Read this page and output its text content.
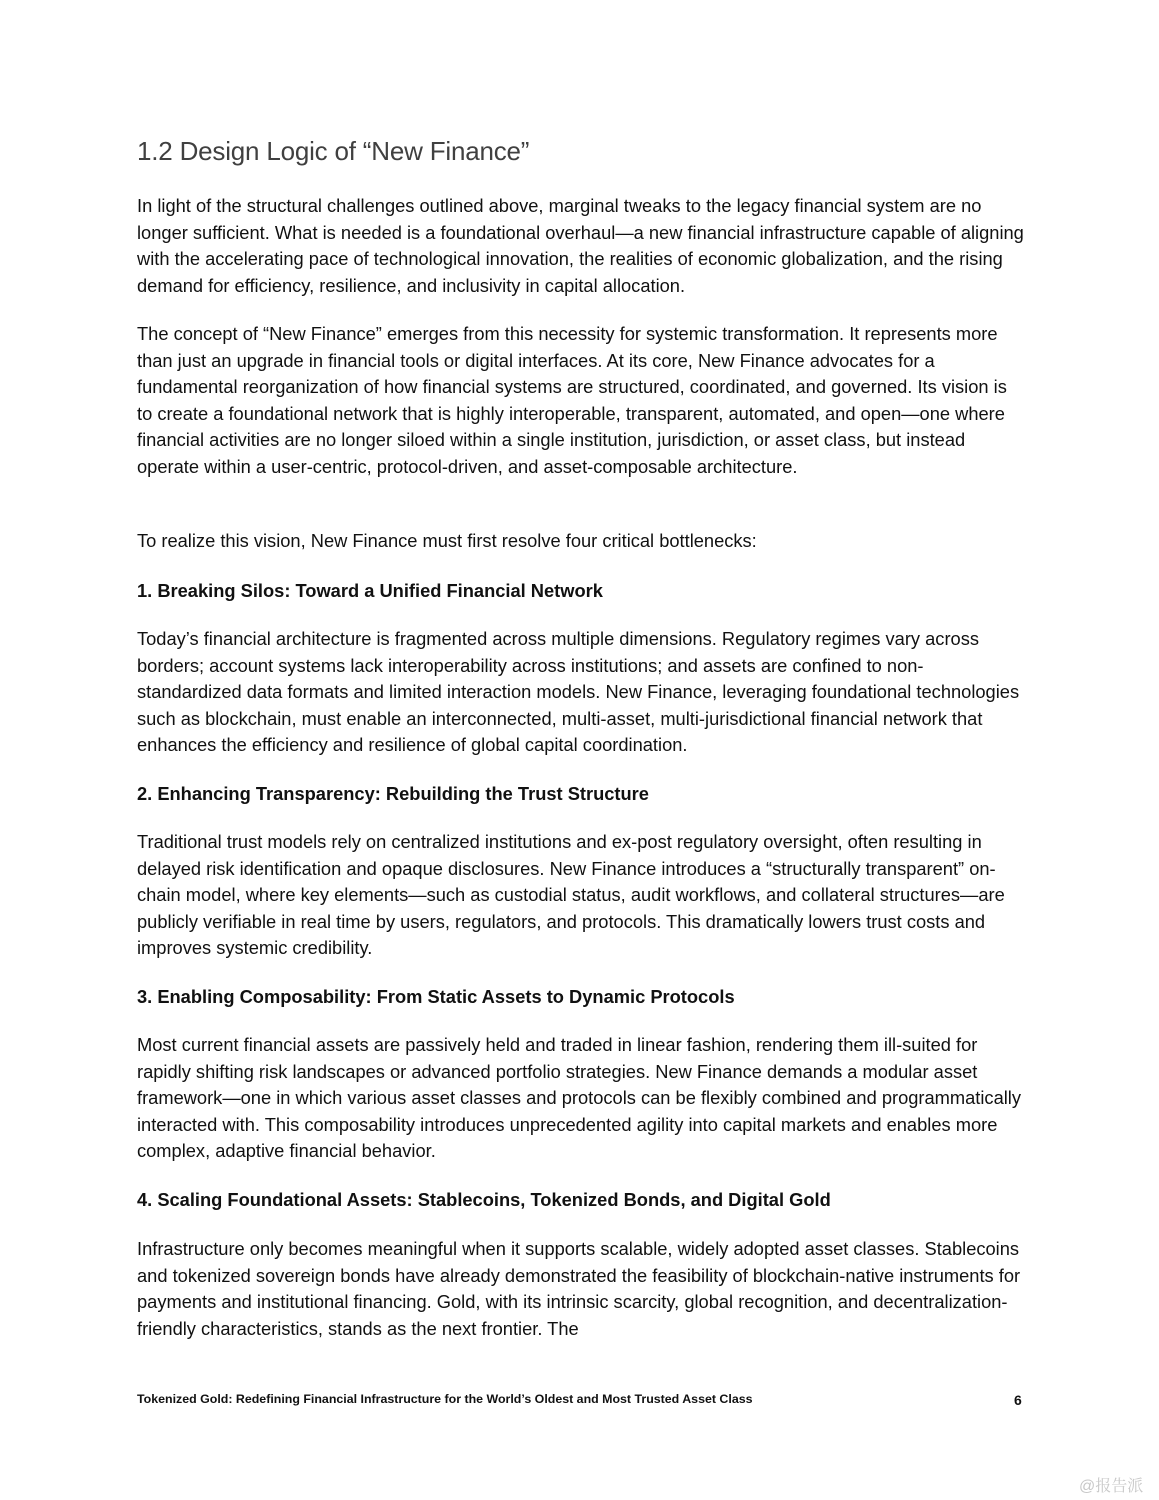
1.2 Design Logic of “New Finance”

In light of the structural challenges outlined above, marginal tweaks to the legacy financial system are no longer sufficient. What is needed is a foundational overhaul—a new financial infrastructure capable of aligning with the accelerating pace of technological innovation, the realities of economic globalization, and the rising demand for efficiency, resilience, and inclusivity in capital allocation.

The concept of “New Finance” emerges from this necessity for systemic transformation. It represents more than just an upgrade in financial tools or digital interfaces. At its core, New Finance advocates for a fundamental reorganization of how financial systems are structured, coordinated, and governed. Its vision is to create a foundational network that is highly interoperable, transparent, automated, and open—one where financial activities are no longer siloed within a single institution, jurisdiction, or asset class, but instead operate within a user-centric, protocol-driven, and asset-composable architecture.

To realize this vision, New Finance must first resolve four critical bottlenecks:

1. Breaking Silos: Toward a Unified Financial Network

Today’s financial architecture is fragmented across multiple dimensions. Regulatory regimes vary across borders; account systems lack interoperability across institutions; and assets are confined to non-standardized data formats and limited interaction models. New Finance, leveraging foundational technologies such as blockchain, must enable an interconnected, multi-asset, multi-jurisdictional financial network that enhances the efficiency and resilience of global capital coordination.

2. Enhancing Transparency: Rebuilding the Trust Structure

Traditional trust models rely on centralized institutions and ex-post regulatory oversight, often resulting in delayed risk identification and opaque disclosures. New Finance introduces a “structurally transparent” on-chain model, where key elements—such as custodial status, audit workflows, and collateral structures—are publicly verifiable in real time by users, regulators, and protocols. This dramatically lowers trust costs and improves systemic credibility.

3. Enabling Composability: From Static Assets to Dynamic Protocols

Most current financial assets are passively held and traded in linear fashion, rendering them ill-suited for rapidly shifting risk landscapes or advanced portfolio strategies. New Finance demands a modular asset framework—one in which various asset classes and protocols can be flexibly combined and programmatically interacted with. This composability introduces unprecedented agility into capital markets and enables more complex, adaptive financial behavior.

4. Scaling Foundational Assets: Stablecoins, Tokenized Bonds, and Digital Gold

Infrastructure only becomes meaningful when it supports scalable, widely adopted asset classes. Stablecoins and tokenized sovereign bonds have already demonstrated the feasibility of blockchain-native instruments for payments and institutional financing. Gold, with its intrinsic scarcity, global recognition, and decentralization-friendly characteristics, stands as the next frontier. The

Tokenized Gold: Redefining Financial Infrastructure for the World’s Oldest and Most Trusted Asset Class	6
@报告派
